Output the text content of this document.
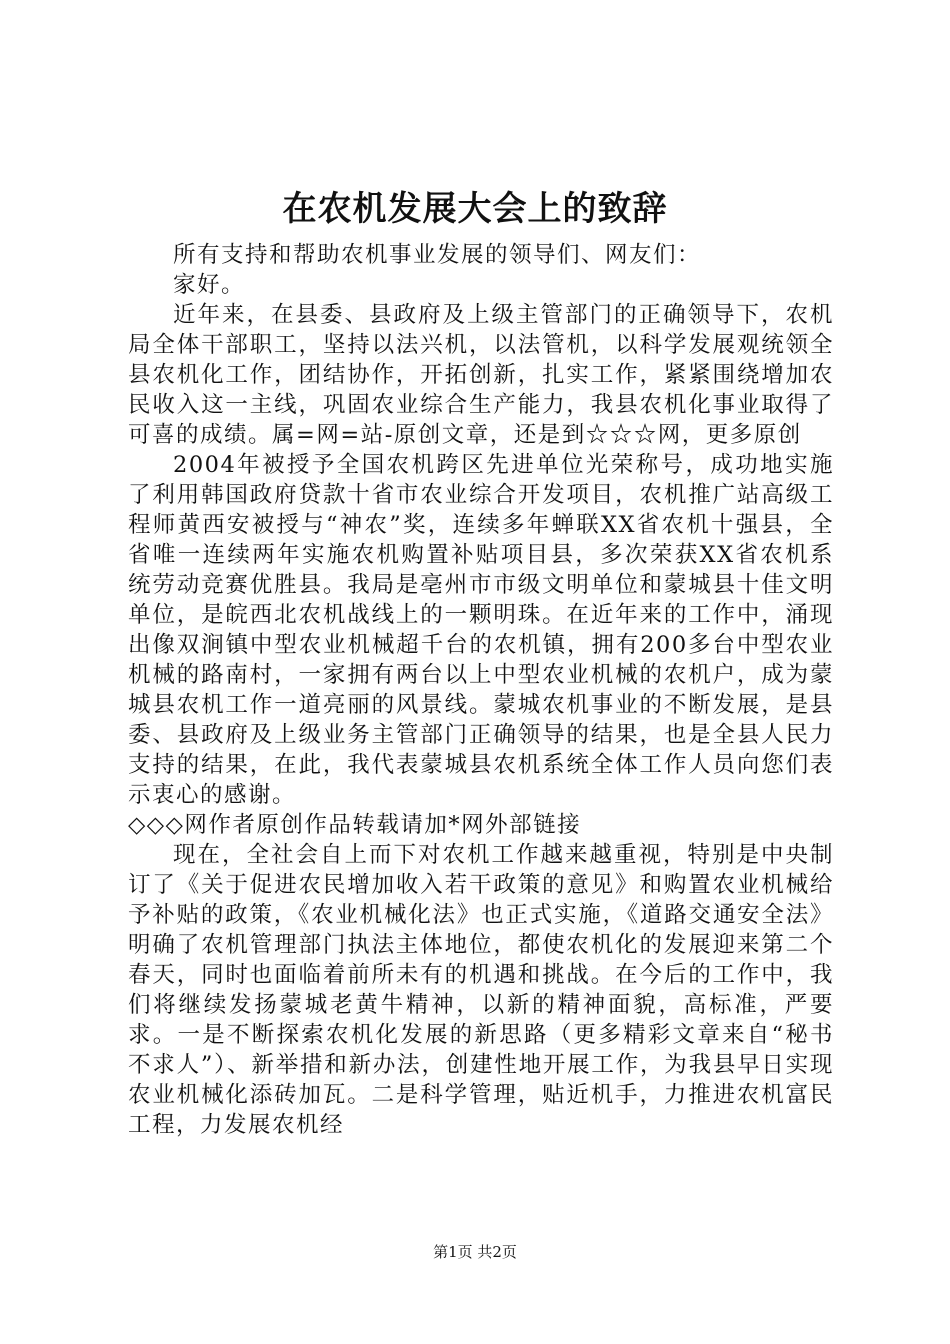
在农机发展大会上的致辞

所有支持和帮助农机事业发展的领导们、网友们：

家好。

近年来，在县委、县政府及上级主管部门的正确领导下，农机局全体干部职工，坚持以法兴机，以法管机，以科学发展观统领全县农机化工作，团结协作，开拓创新，扎实工作，紧紧围绕增加农民收入这一主线，巩固农业综合生产能力，我县农机化事业取得了可喜的成绩。属=网=站-原创文章，还是到☆☆☆网，更多原创

2004年被授予全国农机跨区先进单位光荣称号，成功地实施了利用韩国政府贷款十省市农业综合开发项目，农机推广站高级工程师黄西安被授与“神农”奖，连续多年蝉联XX省农机十强县，全省唯一连续两年实施农机购置补贴项目县，多次荣获XX省农机系统劳动竞赛优胜县。我局是亳州市市级文明单位和蒙城县十佳文明单位，是皖西北农机战线上的一颗明珠。在近年来的工作中，涌现出像双涧镇中型农业机械超千台的农机镇，拥有200多台中型农业机械的路南村，一家拥有两台以上中型农业机械的农机户，成为蒙城县农机工作一道亮丽的风景线。蒙城农机事业的不断发展，是县委、县政府及上级业务主管部门正确领导的结果，也是全县人民力支持的结果，在此，我代表蒙城县农机系统全体工作人员向您们表示衷心的感谢。

◇◇◇网作者原创作品转载请加*网外部链接

现在，全社会自上而下对农机工作越来越重视，特别是中央制订了《关于促进农民增加收入若干政策的意见》和购置农业机械给予补贴的政策，《农业机械化法》也正式实施，《道路交通安全法》明确了农机管理部门执法主体地位，都使农机化的发展迎来第二个春天，同时也面临着前所未有的机遇和挑战。在今后的工作中，我们将继续发扬蒙城老黄牛精神，以新的精神面貌，高标准，严要求。一是不断探索农机化发展的新思路（更多精彩文章来自“秘书不求人”）、新举措和新办法，创建性地开展工作，为我县早日实现农业机械化添砖加瓦。二是科学管理，贴近机手，力推进农机富民工程，力发展农机经

第1页 共2页
